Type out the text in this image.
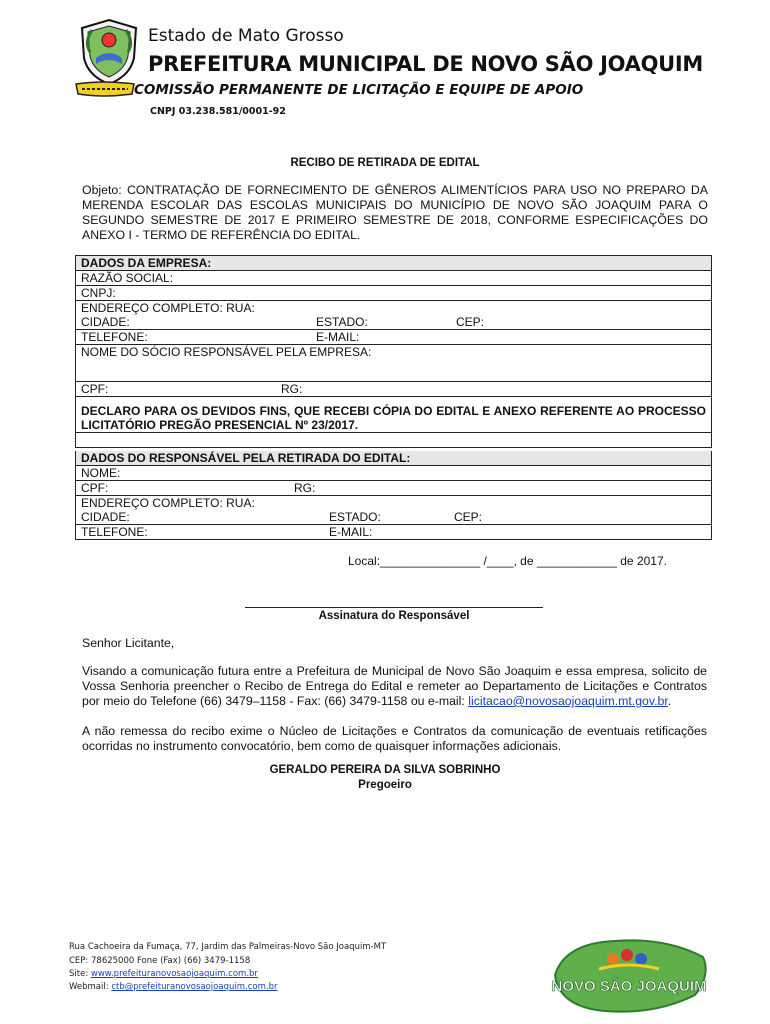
Estado de Mato Grosso
PREFEITURA MUNICIPAL DE NOVO SÃO JOAQUIM
COMISSÃO PERMANENTE DE LICITAÇÃO E EQUIPE DE APOIO
CNPJ 03.238.581/0001-92
RECIBO DE RETIRADA DE EDITAL
Objeto: CONTRATAÇÃO DE FORNECIMENTO DE GÊNEROS ALIMENTÍCIOS PARA USO NO PREPARO DA MERENDA ESCOLAR DAS ESCOLAS MUNICIPAIS DO MUNICÍPIO DE NOVO SÃO JOAQUIM PARA O SEGUNDO SEMESTRE DE 2017 E PRIMEIRO SEMESTRE DE 2018, CONFORME ESPECIFICAÇÕES DO ANEXO I - TERMO DE REFERÊNCIA DO EDITAL.
DADOS DA EMPRESA:
RAZÃO SOCIAL:
CNPJ:
ENDEREÇO COMPLETO: RUA:
CIDADE:	ESTADO:	CEP:
TELEFONE:	E-MAIL:
NOME DO SÓCIO RESPONSÁVEL PELA EMPRESA:
CPF:	RG:
DECLARO PARA OS DEVIDOS FINS, QUE RECEBI CÓPIA DO EDITAL E ANEXO REFERENTE AO PROCESSO LICITATÓRIO PREGÃO PRESENCIAL Nº 23/2017.

DADOS DO RESPONSÁVEL PELA RETIRADA DO EDITAL:
NOME:
CPF:	RG:
ENDEREÇO COMPLETO: RUA:
CIDADE:	ESTADO:	CEP:
TELEFONE:	E-MAIL:
Local:_______________ /____, de ____________ de 2017.
Assinatura do Responsável
Senhor Licitante,
Visando a comunicação futura entre a Prefeitura de Municipal de Novo São Joaquim e essa empresa, solicito de Vossa Senhoria preencher o Recibo de Entrega do Edital e remeter ao Departamento de Licitações e Contratos por meio do Telefone (66) 3479–1158 - Fax: (66) 3479-1158 ou e-mail: licitacao@novosaojoaquim.mt.gov.br.
A não remessa do recibo exime o Núcleo de Licitações e Contratos da comunicação de eventuais retificações ocorridas no instrumento convocatório, bem como de quaisquer informações adicionais.
GERALDO PEREIRA DA SILVA SOBRINHO
Pregoeiro
Rua Cachoeira da Fumaça, 77, Jardim das Palmeiras-Novo São Joaquim-MT
CEP: 78625000 Fone (Fax) (66) 3479-1158
Site: www.prefeituranovosaojoaquim.com.br
Webmail: ctb@prefeituranovosaojoaquim.com.br	NOVO SÃO JOAQUIM
